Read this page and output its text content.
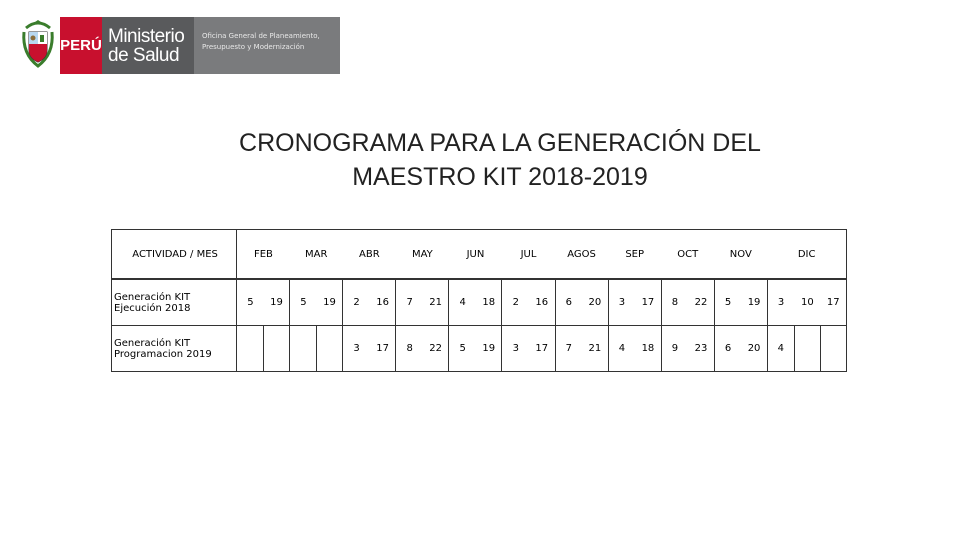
PERÚ Ministerio
de Salud
Oficina General de Planeamiento,
Presupuesto y Modernización
CRONOGRAMA PARA LA GENERACIÓN DEL
MAESTRO KIT 2018-2019
ACTIVIDAD / MES	FEB		MAR		ABR		MAY		JUN		JUL		AGOS		SEP		OCT		NOV		DIC		
Generación KIT Ejecución 2018	5	19	5	19	2	16	7	21	4	18	2	16	6	20	3	17	8	22	5	19	3	10	17
Generación KIT Programacion 2019					3	17	8	22	5	19	3	17	7	21	4	18	9	23	6	20	4		
